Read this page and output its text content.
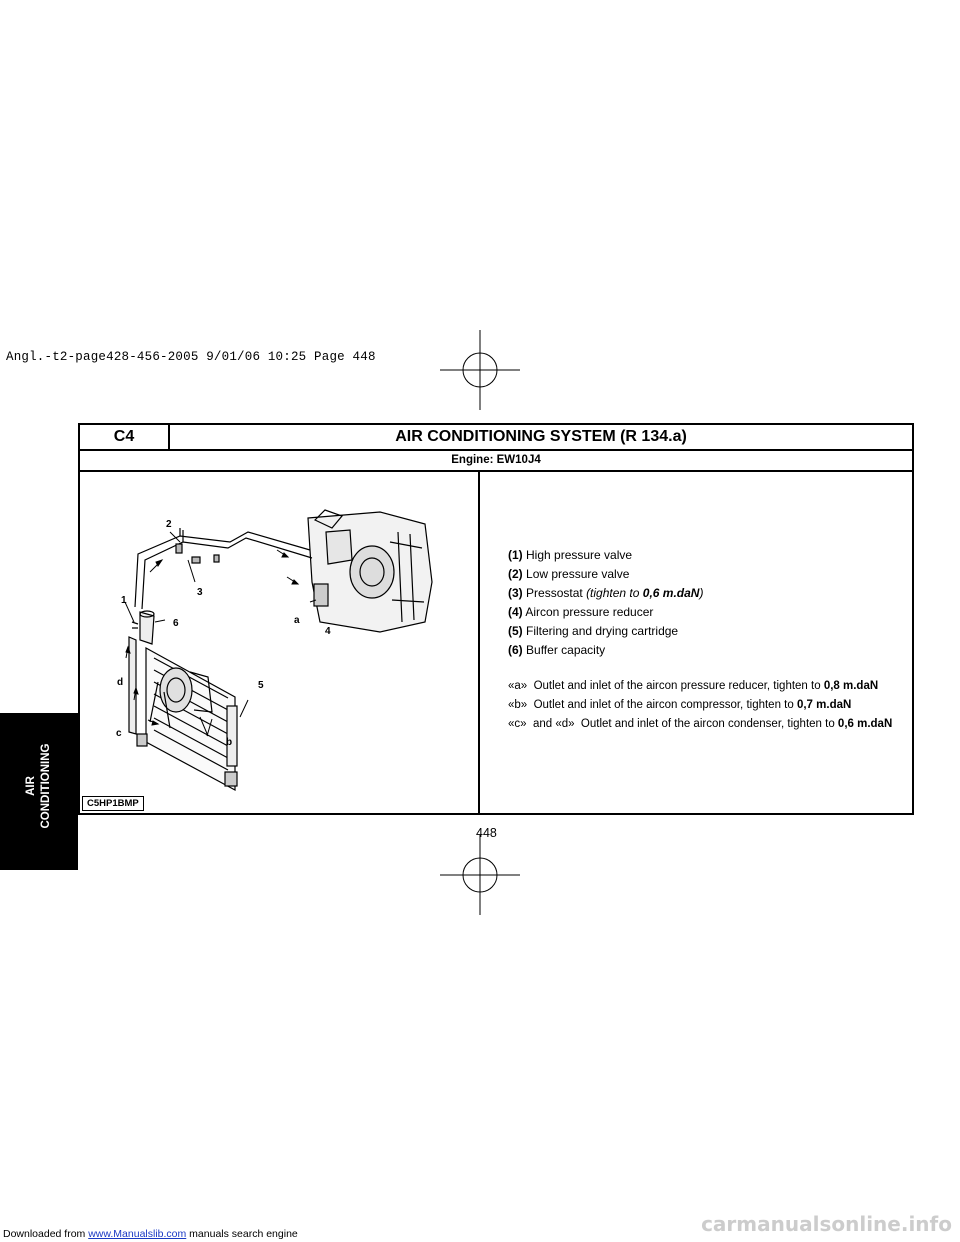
Angl.-t2-page428-456-2005 9/01/06 10:25 Page 448
C4	AIR CONDITIONING SYSTEM (R 134.a)
Engine: EW10J4
1
2
3
4
5
6	a
b
c
d
C5HP1BMP
(1) High pressure valve
(2) Low pressure valve
(3) Pressostat (tighten to 0,6 m.daN)
(4) Aircon pressure reducer
(5) Filtering and drying cartridge
(6) Buffer capacity
«a» Outlet and inlet of the aircon pressure reducer, tighten to 0,8 m.daN
«b» Outlet and inlet of the aircon compressor, tighten to 0,7 m.daN
«c» and «d» Outlet and inlet of the aircon condenser, tighten to 0,6 m.daN
AIR CONDITIONING
448
Downloaded from www.Manualslib.com manuals search engine	carmanualsonline.info
